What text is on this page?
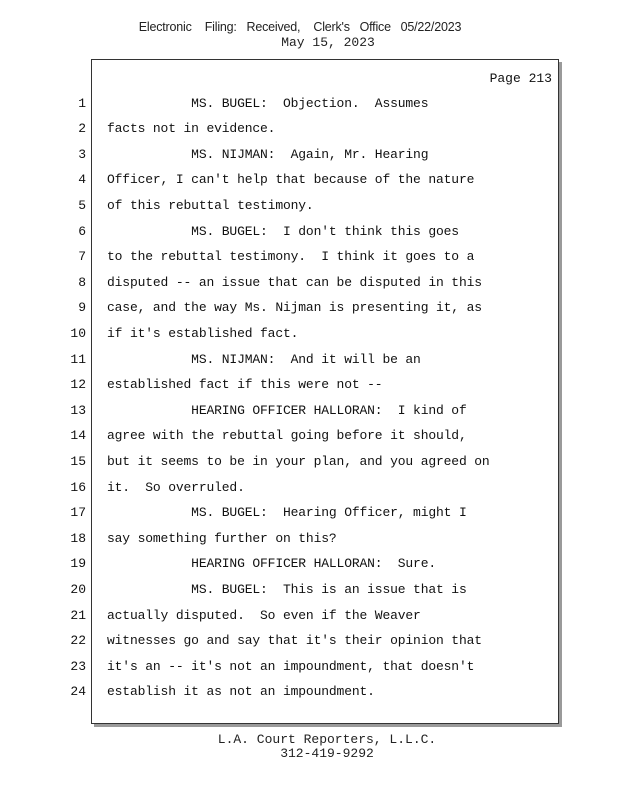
Electronic    Filing:   Received,    Clerk's   Office   05/22/2023
May 15, 2023
Page 213
1 MS. BUGEL:  Objection.  Assumes
2 facts not in evidence.
3 MS. NIJMAN:  Again, Mr. Hearing
4 Officer, I can't help that because of the nature
5 of this rebuttal testimony.
6 MS. BUGEL:  I don't think this goes
7 to the rebuttal testimony.  I think it goes to a
8 disputed -- an issue that can be disputed in this
9 case, and the way Ms. Nijman is presenting it, as
10 if it's established fact.
11 MS. NIJMAN:  And it will be an
12 established fact if this were not --
13 HEARING OFFICER HALLORAN:  I kind of
14 agree with the rebuttal going before it should,
15 but it seems to be in your plan, and you agreed on
16 it.  So overruled.
17 MS. BUGEL:  Hearing Officer, might I
18 say something further on this?
19 HEARING OFFICER HALLORAN:  Sure.
20 MS. BUGEL:  This is an issue that is
21 actually disputed.  So even if the Weaver
22 witnesses go and say that it's their opinion that
23 it's an -- it's not an impoundment, that doesn't
24 establish it as not an impoundment.
L.A. Court Reporters, L.L.C.
312-419-9292
